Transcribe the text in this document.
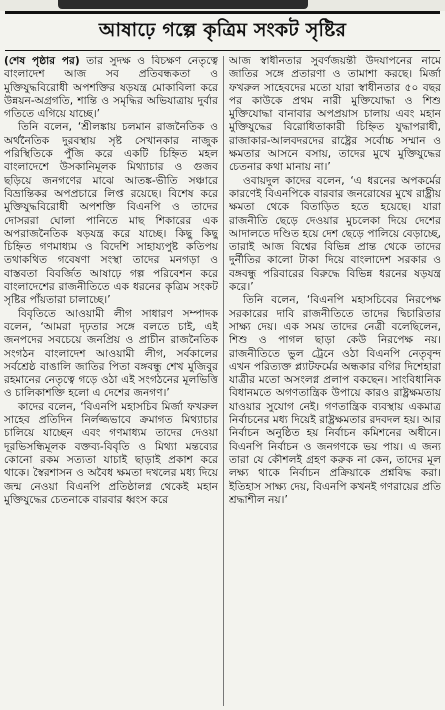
আষাঢ়ে গল্পে কৃত্রিম সংকট সৃষ্টির

(শেষ পৃষ্ঠার পর) তার সুদক্ষ ও বিচক্ষণ নেতৃত্বে বাংলাদেশ আজ সব প্রতিবন্ধকতা ও মুক্তিযুদ্ধবিরোধী অপশক্তির ষড়যন্ত্র মোকাবিলা করে উন্নয়ন-অগ্রগতি, শান্তি ও সমৃদ্ধির অভিযাত্রায় দুর্বার গতিতে এগিয়ে যাচ্ছে।’

তিনি বলেন, ‘শ্রীলঙ্কায় চলমান রাজনৈতিক ও অর্থনৈতিক দুরবস্থায় সৃষ্ট সেখানকার নাজুক পরিস্থিতিকে পুঁজি করে একটি চিহ্নিত মহল বাংলাদেশে উসকানিমূলক মিথ্যাচার ও গুজব ছড়িয়ে জনগণের মাঝে আতঙ্ক-ভীতি সঞ্চারে বিভ্রান্তিকর অপপ্রচারে লিপ্ত রয়েছে। বিশেষ করে মুক্তিযুদ্ধবিরোধী অপশক্তি বিএনপি ও তাদের দোসররা ঘোলা পানিতে মাছ শিকারের এক অপরাজনৈতিক ষড়যন্ত্র করে যাচ্ছে। কিছু কিছু চিহ্নিত গণমাধ্যম ও বিদেশি সাহায্যপুষ্ট কতিপয় তথাকথিত গবেষণা সংস্থা তাদের মনগড়া ও বাস্তবতা বিবর্জিত আষাঢ়ে গল্প পরিবেশন করে বাংলাদেশের রাজনীতিতে এক ধরনের কৃত্রিম সংকট সৃষ্টির পাঁয়তারা চালাচ্ছে।’

বিবৃতিতে আওয়ামী লীগ সাধারণ সম্পাদক বলেন, ‘আমরা দৃঢ়তার সঙ্গে বলতে চাই, এই জনপদের সবচেয়ে জনপ্রিয় ও প্রাচীন রাজনৈতিক সংগঠন বাংলাদেশ আওয়ামী লীগ, সর্বকালের সর্বশ্রেষ্ঠ বাঙালি জাতির পিতা বঙ্গবন্ধু শেখ মুজিবুর রহমানের নেতৃত্বে গড়ে ওঠা এই সংগঠনের মূলভিত্তি ও চালিকাশক্তি হলো এ দেশের জনগণ।’

কাদের বলেন, ‘বিএনপি মহাসচিব মির্জা ফখরুল সাহেব প্রতিদিন নির্লজ্জভাবে ক্রমাগত মিথ্যাচার চালিয়ে যাচ্ছেন এবং গণমাধ্যম তাদের দেওয়া দূরভিসন্ধিমূলক বক্তব্য-বিবৃতি ও মিথ্যা মন্তব্যের কোনো রকম সত্যতা যাচাই ছাড়াই প্রকাশ করে থাকে। স্বৈরশাসন ও অবৈধ ক্ষমতা দখলের মধ্য দিয়ে জন্ম নেওয়া বিএনপি প্রতিষ্ঠালগ্ন থেকেই মহান মুক্তিযুদ্ধের চেতনাকে বারবার ধ্বংস করে

আজ স্বাধীনতার সুবর্ণজয়ন্তী উদযাপনের নামে জাতির সঙ্গে প্রতারণা ও তামাশা করছে। মির্জা ফখরুল সাহেবদের মতো যারা স্বাধীনতার ৫০ বছর পর কাউকে প্রথম নারী মুক্তিযোদ্ধা ও শিশু মুক্তিযোদ্ধা বানাবার অপপ্রয়াস চালায় এবং মহান মুক্তিযুদ্ধের বিরোধিতাকারী চিহ্নিত যুদ্ধাপরাধী, রাজাকার-আলবদরদের রাষ্ট্রের সর্বোচ্চ সম্মান ও ক্ষমতার আসনে বসায়, তাদের মুখে মুক্তিযুদ্ধের চেতনার কথা মানায় না।’

ওবায়দুল কাদের বলেন, ‘এ ধরনের অপকর্মের কারণেই বিএনপিকে বারবার জনরোষের মুখে রাষ্ট্রীয় ক্ষমতা থেকে বিতাড়িত হতে হয়েছে। যারা রাজনীতি ছেড়ে দেওয়ার মুচলেকা দিয়ে দেশের আদালতে দণ্ডিত হয়ে দেশ ছেড়ে পালিয়ে বেড়াচ্ছে, তারাই আজ বিশ্বের বিভিন্ন প্রান্ত থেকে তাদের দুর্নীতির কালো টাকা দিয়ে বাংলাদেশ সরকার ও বঙ্গবন্ধু পরিবারের বিরুদ্ধে বিভিন্ন ধরনের ষড়যন্ত্র করে।’

তিনি বলেন, ‘বিএনপি মহাসচিবের নিরপেক্ষ সরকারের দাবি রাজনীতিতে তাদের দ্বিচারিতার সাক্ষ্য দেয়। এক সময় তাদের নেত্রী বলেছিলেন, শিশু ও পাগল ছাড়া কেউ নিরপেক্ষ নয়। রাজনীতিতে ভুল ট্রেনে ওঠা বিএনপি নেতৃবৃন্দ এখন পরিত্যক্ত প্ল্যাটফর্মের অন্ধকার বগির দিশেহারা যাত্রীর মতো অসংলগ্ন প্রলাপ বকছেন। সাংবিধানিক বিধানমতে অগণতান্ত্রিক উপায়ে কারও রাষ্ট্রক্ষমতায় যাওয়ার সুযোগ নেই। গণতান্ত্রিক ব্যবস্থায় একমাত্র নির্বাচনের মধ্য দিয়েই রাষ্ট্রক্ষমতার রদবদল হয়। আর নির্বাচন অনুষ্ঠিত হয় নির্বাচন কমিশনের অধীনে। বিএনপি নির্বাচন ও জনগণকে ভয় পায়। এ জন্য তারা যে কৌশলই গ্রহণ করুক না কেন, তাদের মূল লক্ষ্য থাকে নির্বাচন প্রক্রিয়াকে প্রশ্নবিদ্ধ করা। ইতিহাস সাক্ষ্য দেয়, বিএনপি কখনই গণরায়ের প্রতি শ্রদ্ধাশীল নয়।’
